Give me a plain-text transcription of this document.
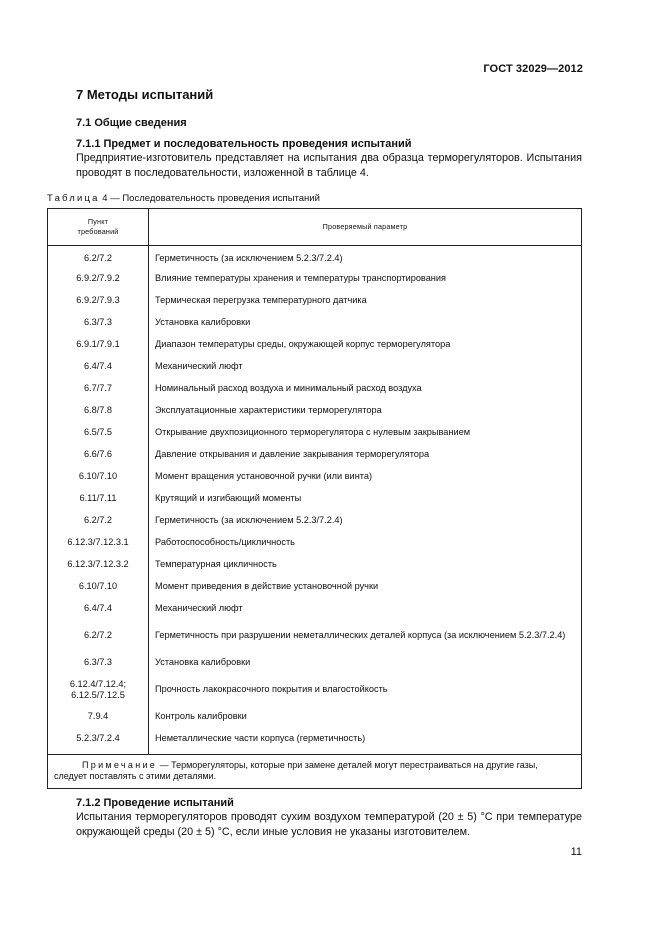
ГОСТ 32029—2012
7 Методы испытаний
7.1 Общие сведения
7.1.1 Предмет и последовательность проведения испытаний
Предприятие-изготовитель представляет на испытания два образца терморегуляторов. Испытания проводят в последовательности, изложенной в таблице 4.
Таблица 4 — Последовательность проведения испытаний
Пункт
требований	Проверяемый параметр
6.2/7.2	Герметичность (за исключением 5.2.3/7.2.4)
6.9.2/7.9.2	Влияние температуры хранения и температуры транспортирования
6.9.2/7.9.3	Термическая перегрузка температурного датчика
6.3/7.3	Установка калибровки
6.9.1/7.9.1	Диапазон температуры среды, окружающей корпус терморегулятора
6.4/7.4	Механический люфт
6.7/7.7	Номинальный расход воздуха и минимальный расход воздуха
6.8/7.8	Эксплуатационные характеристики терморегулятора
6.5/7.5	Открывание двухпозиционного терморегулятора с нулевым закрыванием
6.6/7.6	Давление открывания и давление закрывания терморегулятора
6.10/7.10	Момент вращения установочной ручки (или винта)
6.11/7.11	Крутящий и изгибающий моменты
6.2/7.2	Герметичность (за исключением 5.2.3/7.2.4)
6.12.3/7.12.3.1	Работоспособность/цикличность
6.12.3/7.12.3.2	Температурная цикличность
6.10/7.10	Момент приведения в действие установочной ручки
6.4/7.4	Механический люфт
6.2/7.2	Герметичность при разрушении неметаллических деталей корпуса (за исключением 5.2.3/7.2.4)
6.3/7.3	Установка калибровки

6.12.4/7.12.4;
6.12.5/7.12.5	Прочность лакокрасочного покрытия и влагостойкость
7.9.4	Контроль калибровки
5.2.3/7.2.4	Неметаллические части корпуса (герметичность)

Примечание — Терморегуляторы, которые при замене деталей могут перестраиваться на другие газы, следует поставлять с этими деталями.	
7.1.2 Проведение испытаний
Испытания терморегуляторов проводят сухим воздухом температурой (20 ± 5) °С при температуре окружающей среды (20 ± 5) °С, если иные условия не указаны изготовителем.
11
